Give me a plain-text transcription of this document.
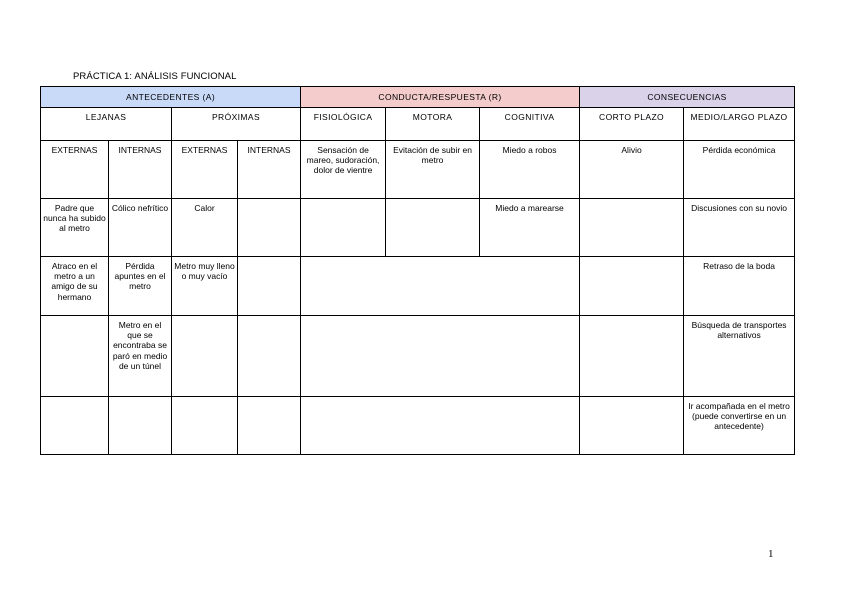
PRÁCTICA 1: ANÁLISIS FUNCIONAL
ANTECEDENTES (A)				CONDUCTA/RESPUESTA (R)			CONSECUENCIAS	
LEJANAS		PRÓXIMAS		FISIOLÓGICA	MOTORA	COGNITIVA	CORTO PLAZO	MEDIO/LARGO PLAZO
EXTERNAS	INTERNAS	EXTERNAS	INTERNAS	Sensación de mareo, sudoración, dolor de vientre	Evitación de subir en metro	Miedo a robos	Alivio	Pérdida económica
Padre que nunca ha subido al metro	Cólico nefrítico	Calor				Miedo a marearse		Discusiones con su novio
Atraco en el metro a un amigo de su hermano	Pérdida apuntes en el metro	Metro muy lleno o muy vacío						Retraso de la boda
	Metro en el que se encontraba se paró en medio de un túnel							Búsqueda de transportes alternativos
								Ir acompañada en el metro (puede convertirse en un antecedente)
1
